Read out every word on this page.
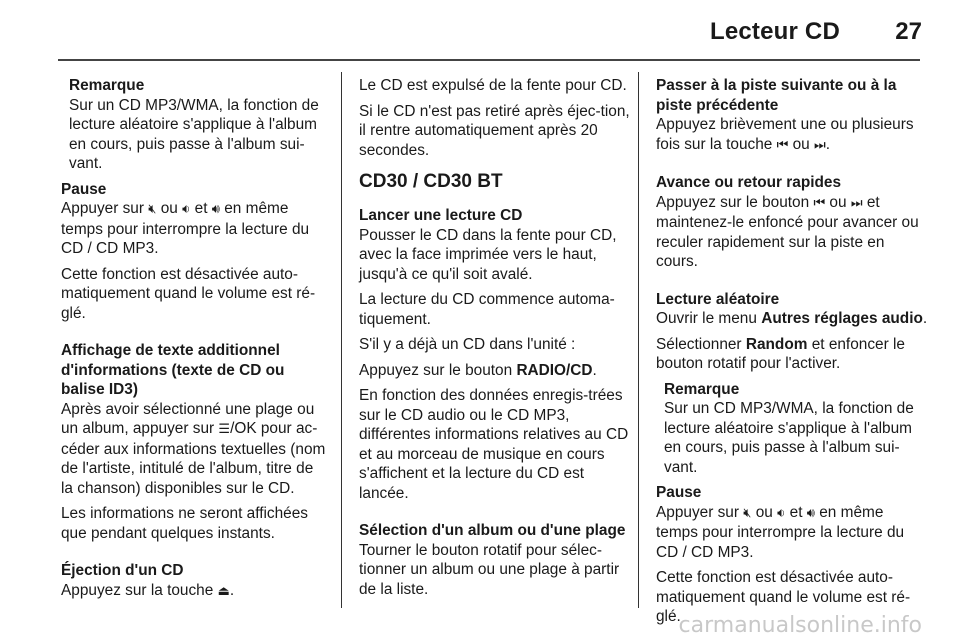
Lecteur CD 27
Remarque
Sur un CD MP3/WMA, la fonction de lecture aléatoire s'applique à l'album en cours, puis passe à l'album sui-vant.
Pause

Appuyer sur 🔇︎ ou 🔉︎ et 🔊︎ en même temps pour interrompre la lecture du CD / CD MP3.

Cette fonction est désactivée auto-matiquement quand le volume est ré-glé.

Affichage de texte additionnel d'informations (texte de CD ou balise ID3)

Après avoir sélectionné une plage ou un album, appuyer sur ☰/OK pour ac-céder aux informations textuelles (nom de l'artiste, intitulé de l'album, titre de la chanson) disponibles sur le CD.

Les informations ne seront affichées que pendant quelques instants.

Éjection d'un CD

Appuyez sur la touche ⏏.

Le CD est expulsé de la fente pour CD.

Si le CD n'est pas retiré après éjec-tion, il rentre automatiquement après 20 secondes.

CD30 / CD30 BT
Lancer une lecture CD

Pousser le CD dans la fente pour CD, avec la face imprimée vers le haut, jusqu'à ce qu'il soit avalé.

La lecture du CD commence automa-tiquement.

S'il y a déjà un CD dans l'unité :

Appuyez sur le bouton RADIO/CD.

En fonction des données enregis-trées sur le CD audio ou le CD MP3, différentes informations relatives au CD et au morceau de musique en cours s'affichent et la lecture du CD est lancée.

Sélection d'un album ou d'une plage

Tourner le bouton rotatif pour sélec-tionner un album ou une plage à partir de la liste.

Passer à la piste suivante ou à la piste précédente

Appuyez brièvement une ou plusieurs fois sur la touche ⏮ ou ⏭.

Avance ou retour rapides

Appuyez sur le bouton ⏮ ou ⏭ et maintenez-le enfoncé pour avancer ou reculer rapidement sur la piste en cours.

Lecture aléatoire

Ouvrir le menu Autres réglages audio.

Sélectionner Random et enfoncer le bouton rotatif pour l'activer.

Remarque
Sur un CD MP3/WMA, la fonction de lecture aléatoire s'applique à l'album en cours, puis passe à l'album sui-vant.
Pause

Appuyer sur 🔇︎ ou 🔉︎ et 🔊︎ en même temps pour interrompre la lecture du CD / CD MP3.

Cette fonction est désactivée auto-matiquement quand le volume est ré-glé.

carmanualsonline.info
